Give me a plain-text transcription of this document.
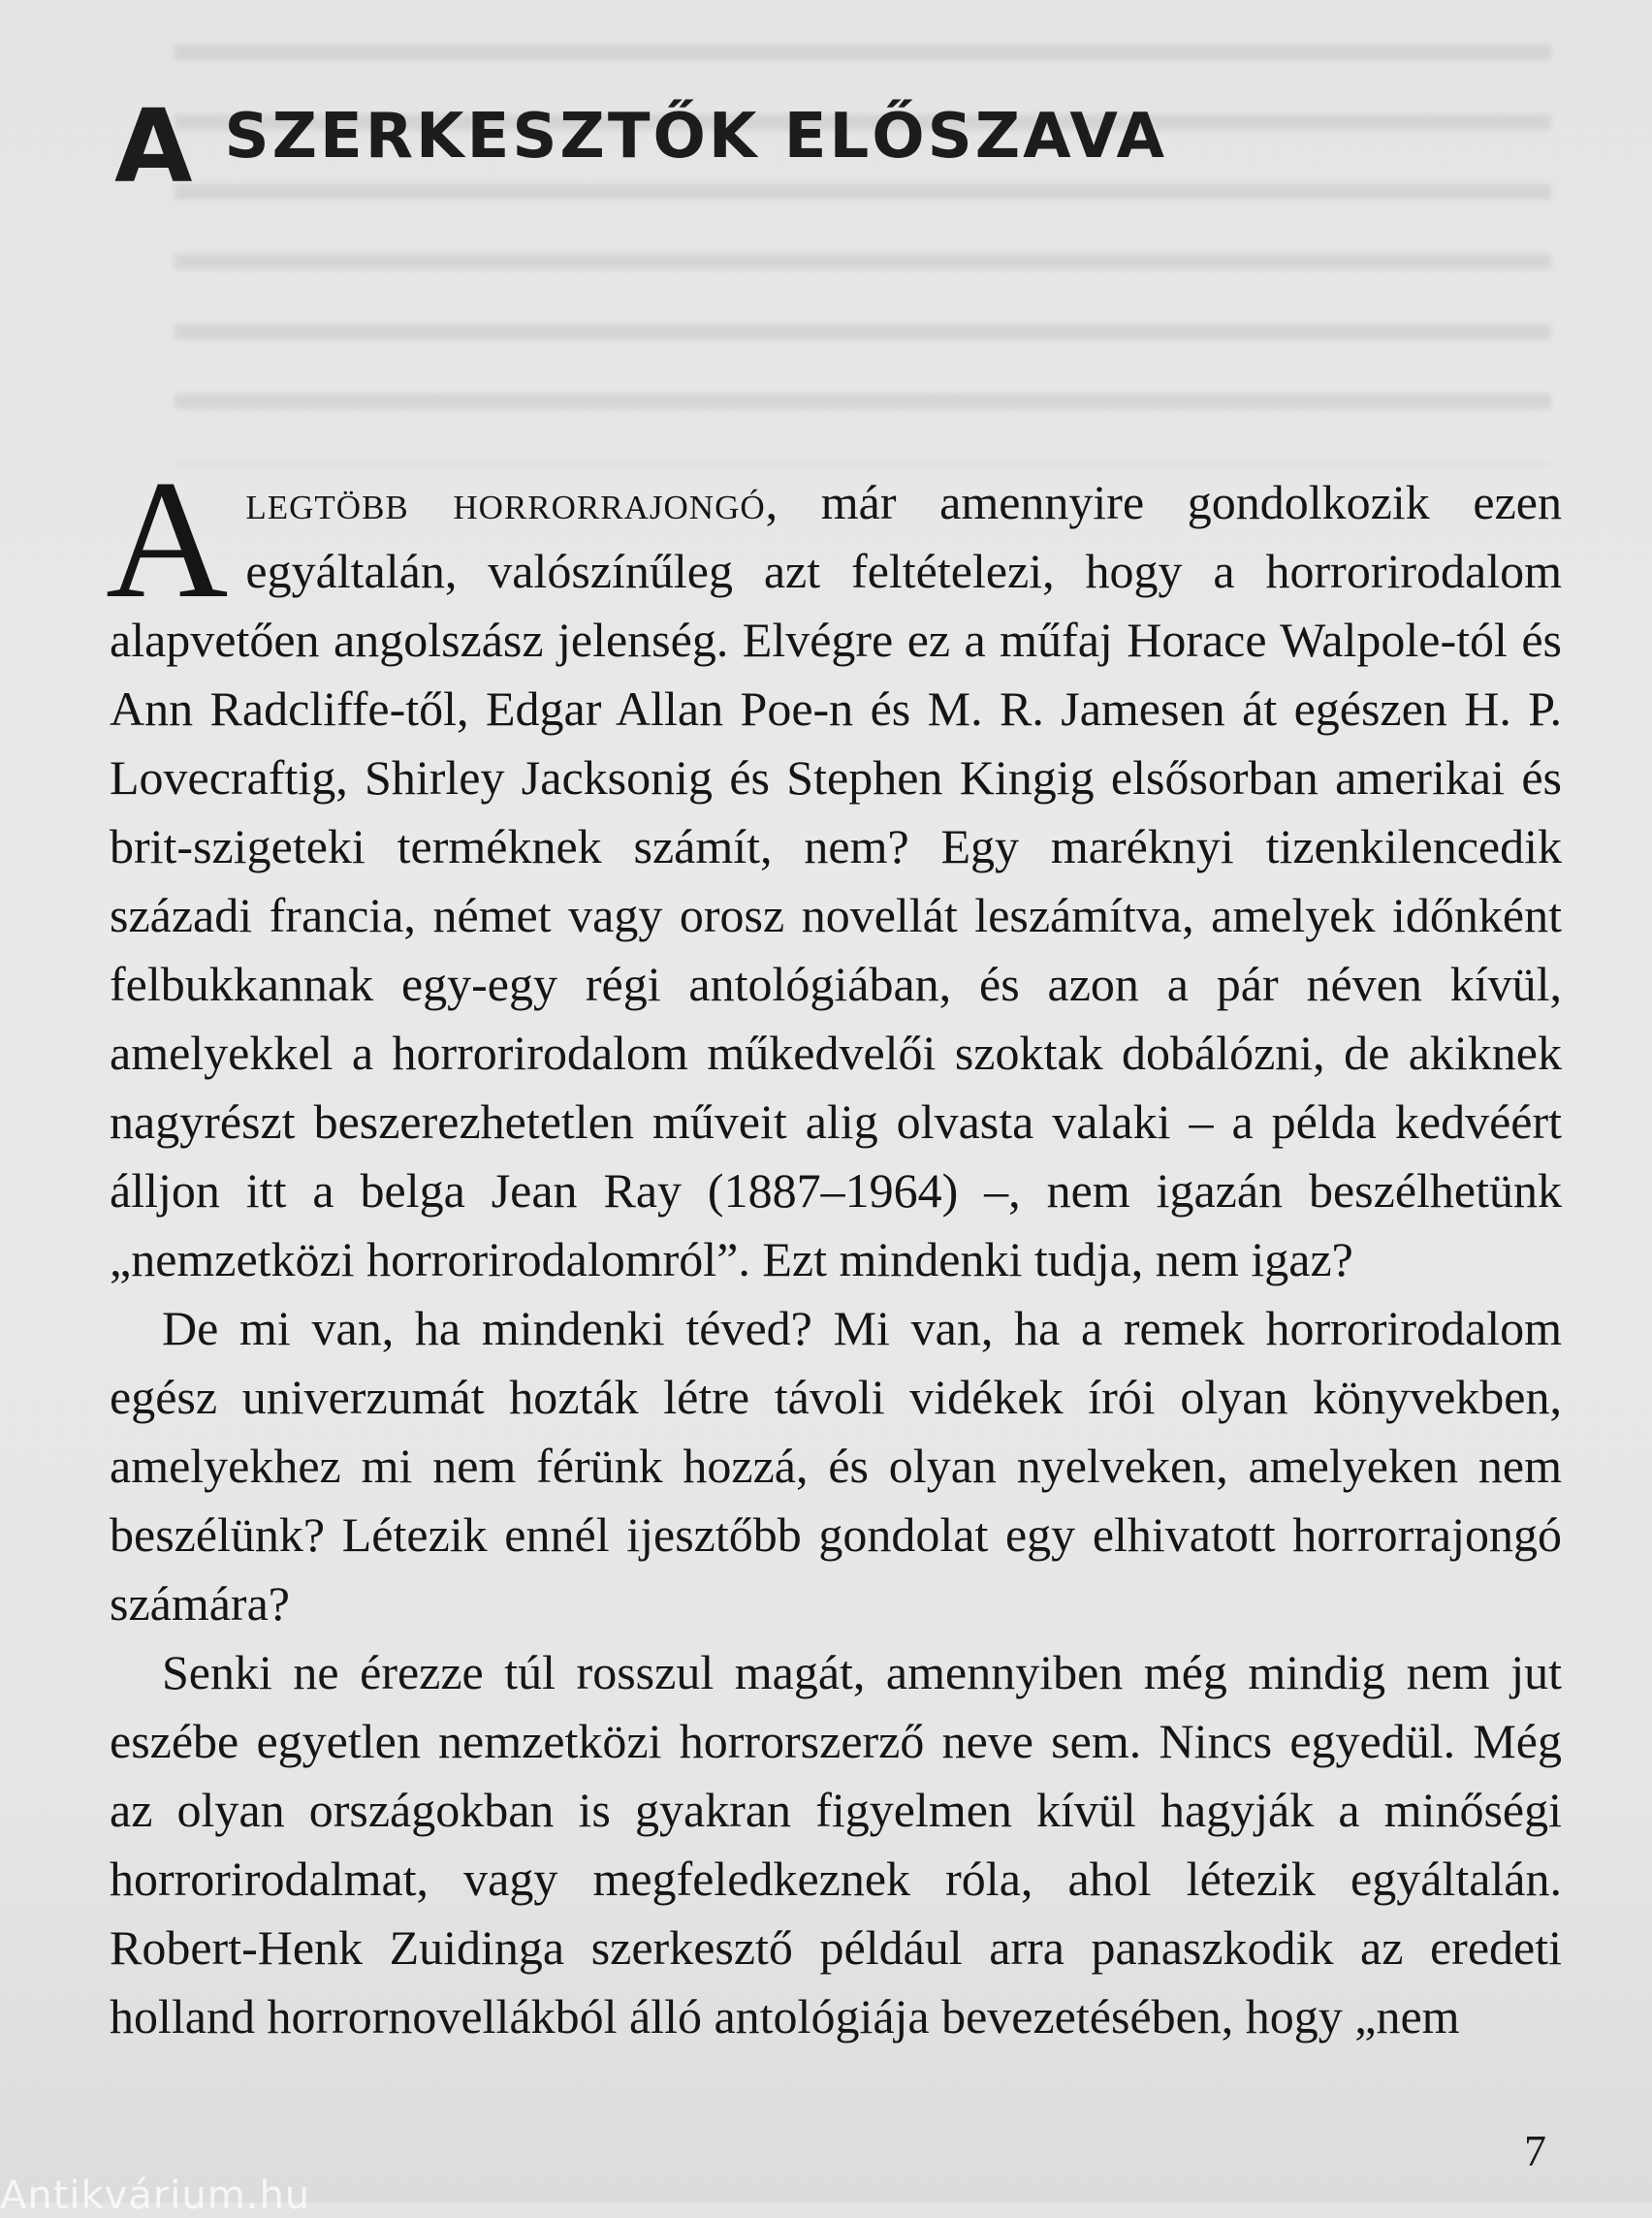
ASZERKESZTŐK ELŐSZAVA

Alegtöbb horrorrajongó, már amennyire gondolkozik ezen egyáltalán, valószínűleg azt feltételezi, hogy a horrorirodalom alapvetően angolszász jelenség. Elvégre ez a műfaj Horace Walpole-tól és Ann Radcliffe-től, Edgar Allan Poe-n és M. R. Jamesen át egészen H. P. Lovecraftig, Shirley Jacksonig és Stephen Kingig elsősorban amerikai és brit-szigeteki terméknek számít, nem? Egy maréknyi tizenkilencedik századi francia, német vagy orosz novellát leszámítva, amelyek időnként felbukkannak egy-egy régi antológiában, és azon a pár néven kívül, amelyekkel a horrorirodalom műkedvelői szoktak dobálózni, de akiknek nagyrészt beszerezhetetlen műveit alig olvasta valaki – a példa kedvéért álljon itt a belga Jean Ray (1887–1964) –, nem igazán beszélhetünk „nemzetközi horrorirodalomról”. Ezt mindenki tudja, nem igaz?

De mi van, ha mindenki téved? Mi van, ha a remek horrorirodalom egész univerzumát hozták létre távoli vidékek írói olyan könyvekben, amelyekhez mi nem férünk hozzá, és olyan nyelveken, amelyeken nem beszélünk? Létezik ennél ijesztőbb gondolat egy elhivatott horrorrajongó számára?

Senki ne érezze túl rosszul magát, amennyiben még mindig nem jut eszébe egyetlen nemzetközi horrorszerző neve sem. Nincs egyedül. Még az olyan országokban is gyakran figyelmen kívül hagyják a minőségi horrorirodalmat, vagy megfeledkeznek róla, ahol létezik egyáltalán. Robert-Henk Zuidinga szerkesztő például arra panaszkodik az eredeti holland horrornovellákból álló antológiája bevezetésében, hogy „nem

7
Antikvárium.hu
